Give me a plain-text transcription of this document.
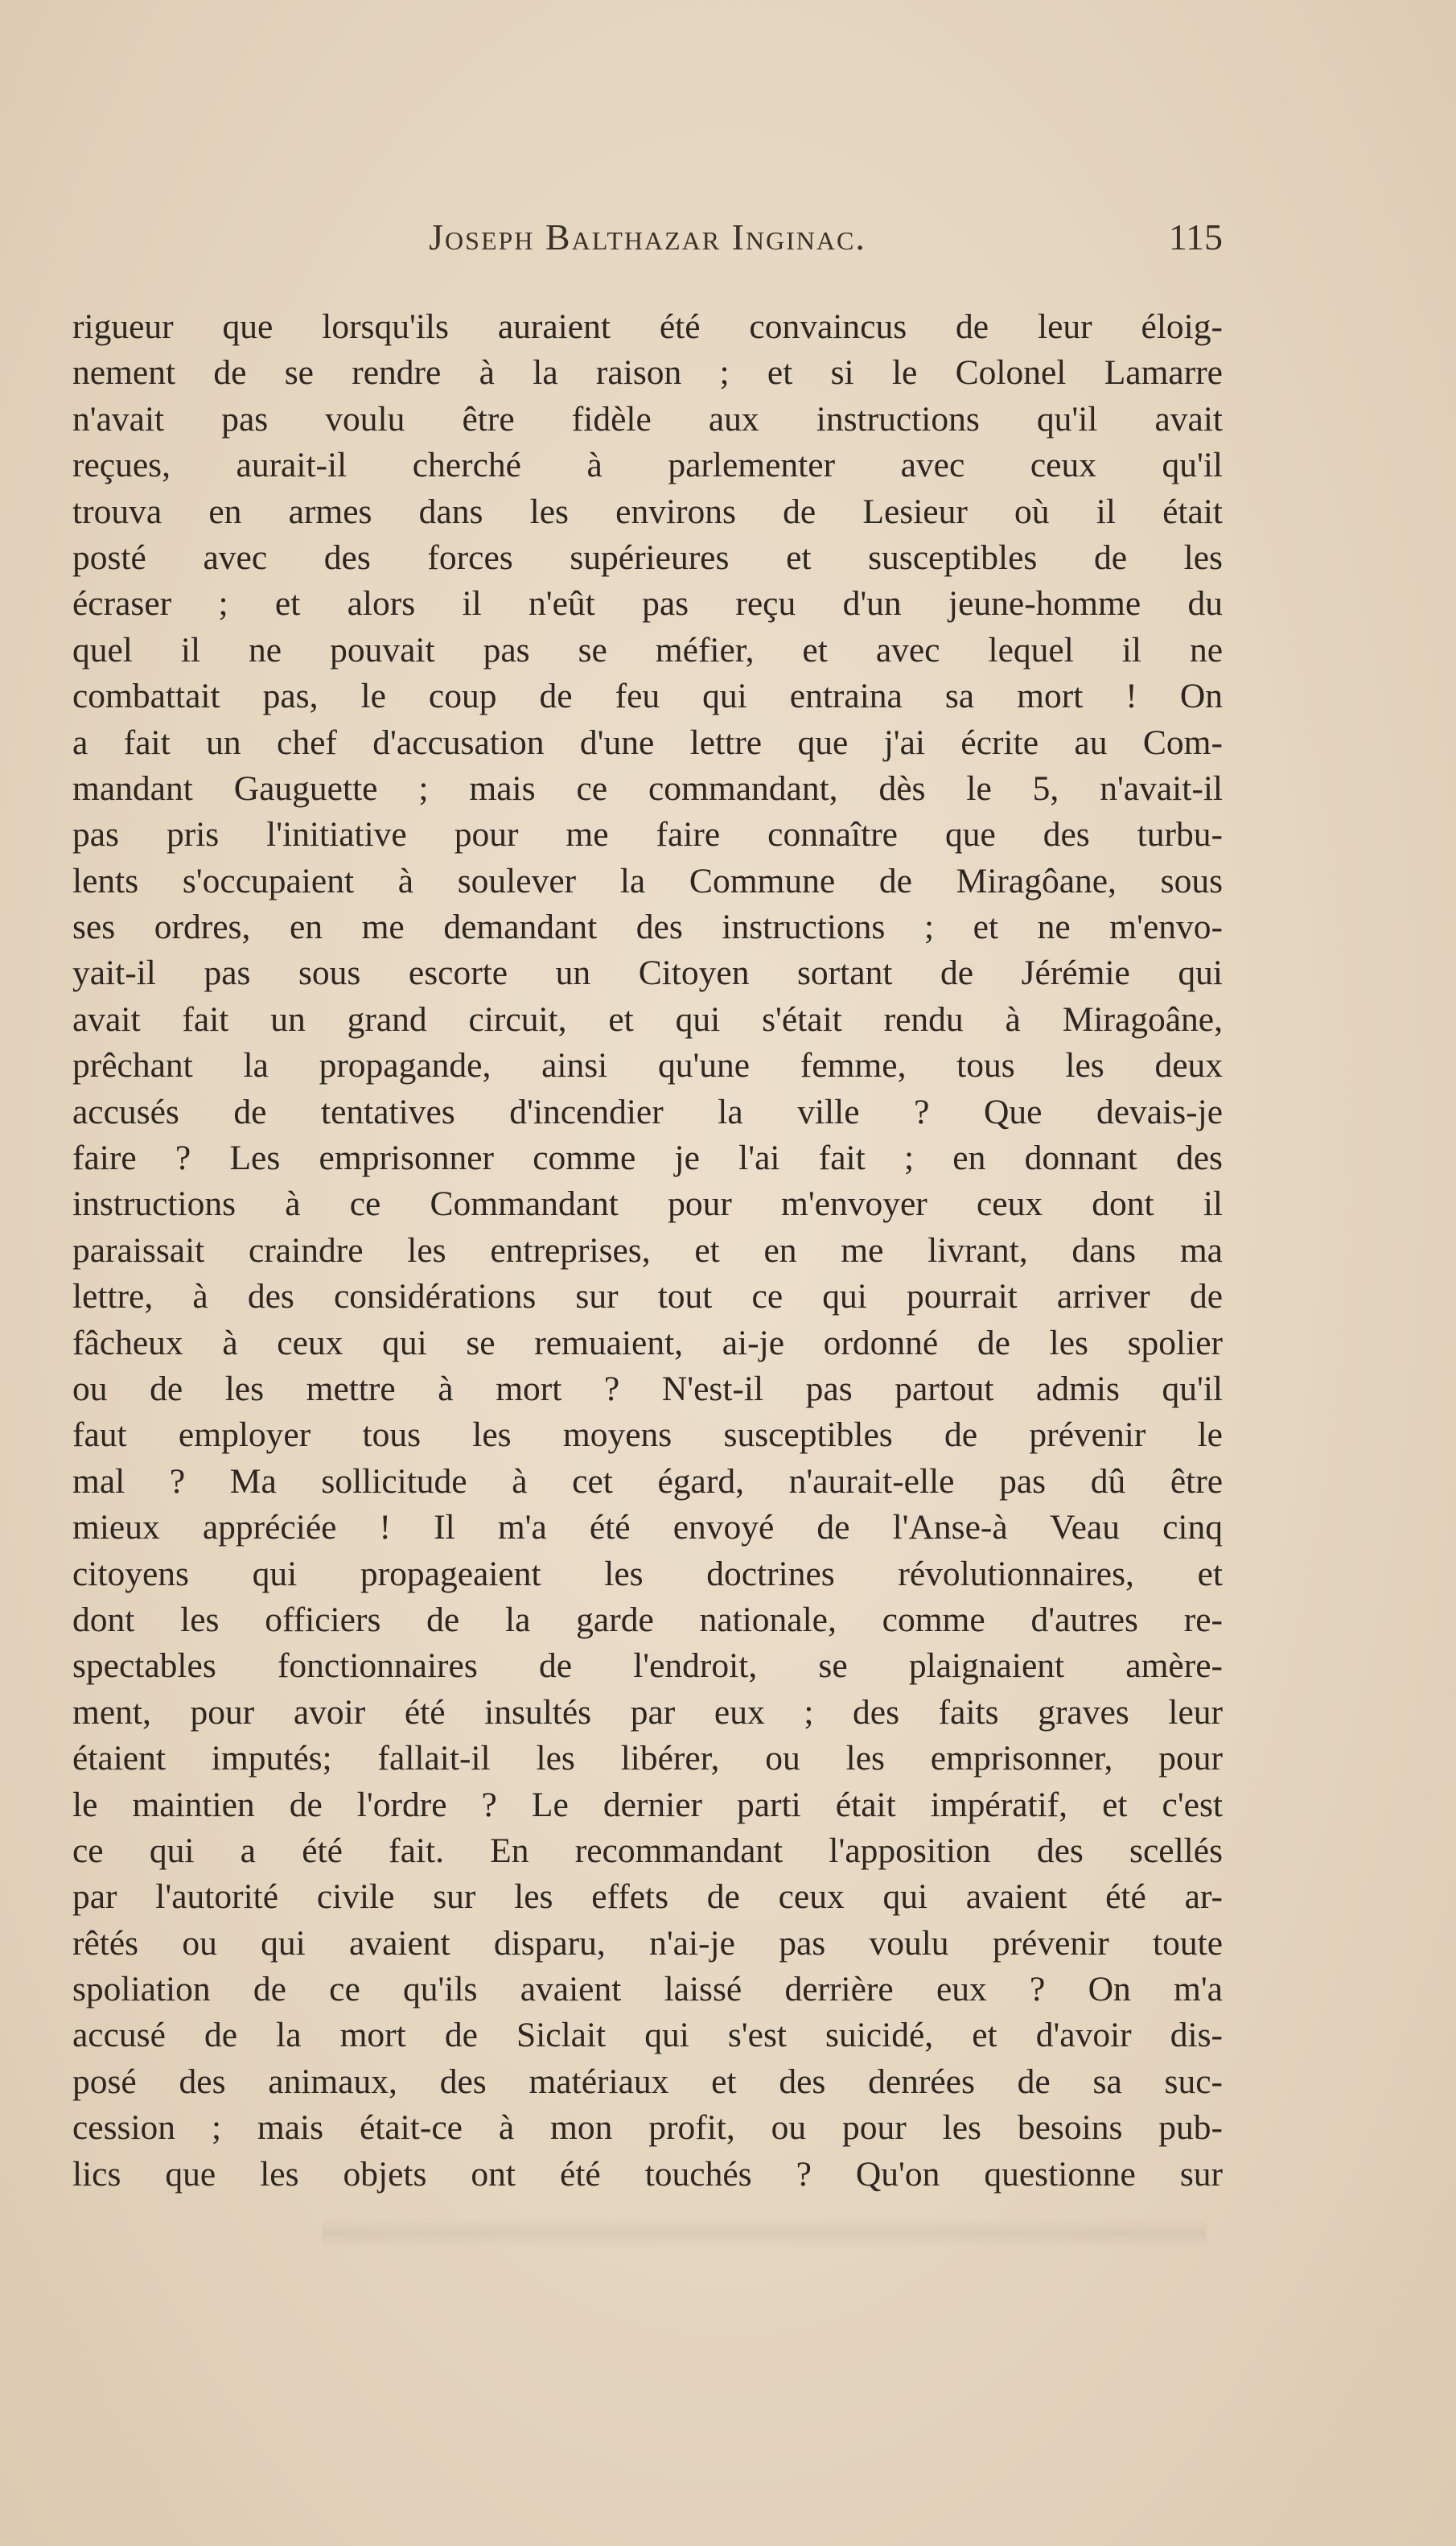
Joseph Balthazar Inginac.	115
rigueur que lorsqu'ils auraient été convaincus de leur éloig-
nement de se rendre à la raison ; et si le Colonel Lamarre
n'avait pas voulu être fidèle aux instructions qu'il avait
reçues, aurait-il cherché à parlementer avec ceux qu'il
trouva en armes dans les environs de Lesieur où il était
posté avec des forces supérieures et susceptibles de les
écraser ; et alors il n'eût pas reçu d'un jeune-homme du
quel il ne pouvait pas se méfier, et avec lequel il ne
combattait pas, le coup de feu qui entraina sa mort ! On
a fait un chef d'accusation d'une lettre que j'ai écrite au Com-
mandant Gauguette ; mais ce commandant, dès le 5, n'avait-il
pas pris l'initiative pour me faire connaître que des turbu-
lents s'occupaient à soulever la Commune de Miragôane, sous
ses ordres, en me demandant des instructions ; et ne m'envo-
yait-il pas sous escorte un Citoyen sortant de Jérémie qui
avait fait un grand circuit, et qui s'était rendu à Miragoâne,
prêchant la propagande, ainsi qu'une femme, tous les deux
accusés de tentatives d'incendier la ville ? Que devais-je
faire ? Les emprisonner comme je l'ai fait ; en donnant des
instructions à ce Commandant pour m'envoyer ceux dont il
paraissait craindre les entreprises, et en me livrant, dans ma
lettre, à des considérations sur tout ce qui pourrait arriver de
fâcheux à ceux qui se remuaient, ai-je ordonné de les spolier
ou de les mettre à mort ? N'est-il pas partout admis qu'il
faut employer tous les moyens susceptibles de prévenir le
mal ? Ma sollicitude à cet égard, n'aurait-elle pas dû être
mieux appréciée ! Il m'a été envoyé de l'Anse-à Veau cinq
citoyens qui propageaient les doctrines révolutionnaires, et
dont les officiers de la garde nationale, comme d'autres re-
spectables fonctionnaires de l'endroit, se plaignaient amère-
ment, pour avoir été insultés par eux ; des faits graves leur
étaient imputés; fallait-il les libérer, ou les emprisonner, pour
le maintien de l'ordre ? Le dernier parti était impératif, et c'est
ce qui a été fait. En recommandant l'apposition des scellés
par l'autorité civile sur les effets de ceux qui avaient été ar-
rêtés ou qui avaient disparu, n'ai-je pas voulu prévenir toute
spoliation de ce qu'ils avaient laissé derrière eux ? On m'a
accusé de la mort de Siclait qui s'est suicidé, et d'avoir dis-
posé des animaux, des matériaux et des denrées de sa suc-
cession ; mais était-ce à mon profit, ou pour les besoins pub-
lics que les objets ont été touchés ? Qu'on questionne sur
